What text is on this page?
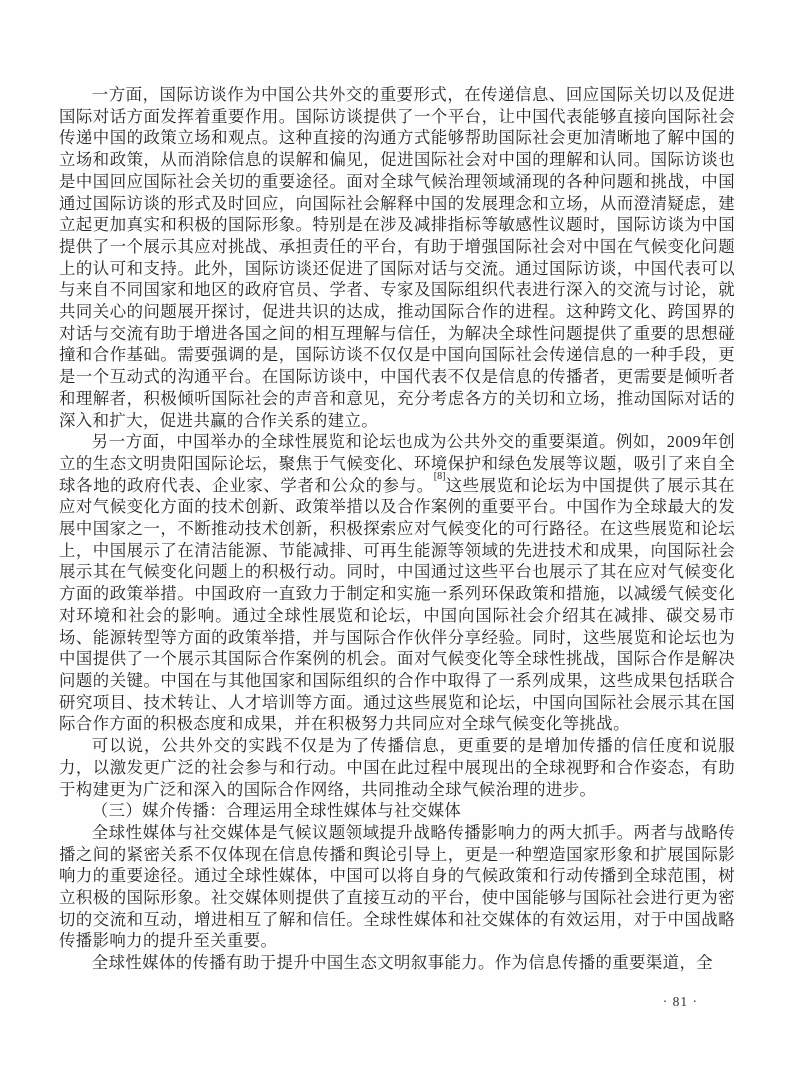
一方面，国际访谈作为中国公共外交的重要形式，在传递信息、回应国际关切以及促进国际对话方面发挥着重要作用。国际访谈提供了一个平台，让中国代表能够直接向国际社会传递中国的政策立场和观点。这种直接的沟通方式能够帮助国际社会更加清晰地了解中国的立场和政策，从而消除信息的误解和偏见，促进国际社会对中国的理解和认同。国际访谈也是中国回应国际社会关切的重要途径。面对全球气候治理领域涌现的各种问题和挑战，中国通过国际访谈的形式及时回应，向国际社会解释中国的发展理念和立场，从而澄清疑虑，建立起更加真实和积极的国际形象。特别是在涉及减排指标等敏感性议题时，国际访谈为中国提供了一个展示其应对挑战、承担责任的平台，有助于增强国际社会对中国在气候变化问题上的认可和支持。此外，国际访谈还促进了国际对话与交流。通过国际访谈，中国代表可以与来自不同国家和地区的政府官员、学者、专家及国际组织代表进行深入的交流与讨论，就共同关心的问题展开探讨，促进共识的达成，推动国际合作的进程。这种跨文化、跨国界的对话与交流有助于增进各国之间的相互理解与信任，为解决全球性问题提供了重要的思想碰撞和合作基础。需要强调的是，国际访谈不仅仅是中国向国际社会传递信息的一种手段，更是一个互动式的沟通平台。在国际访谈中，中国代表不仅是信息的传播者，更需要是倾听者和理解者，积极倾听国际社会的声音和意见，充分考虑各方的关切和立场，推动国际对话的深入和扩大，促进共赢的合作关系的建立。

另一方面，中国举办的全球性展览和论坛也成为公共外交的重要渠道。例如，2009年创立的生态文明贵阳国际论坛，聚焦于气候变化、环境保护和绿色发展等议题，吸引了来自全球各地的政府代表、企业家、学者和公众的参与。[8]这些展览和论坛为中国提供了展示其在应对气候变化方面的技术创新、政策举措以及合作案例的重要平台。中国作为全球最大的发展中国家之一，不断推动技术创新，积极探索应对气候变化的可行路径。在这些展览和论坛上，中国展示了在清洁能源、节能减排、可再生能源等领域的先进技术和成果，向国际社会展示其在气候变化问题上的积极行动。同时，中国通过这些平台也展示了其在应对气候变化方面的政策举措。中国政府一直致力于制定和实施一系列环保政策和措施，以减缓气候变化对环境和社会的影响。通过全球性展览和论坛，中国向国际社会介绍其在减排、碳交易市场、能源转型等方面的政策举措，并与国际合作伙伴分享经验。同时，这些展览和论坛也为中国提供了一个展示其国际合作案例的机会。面对气候变化等全球性挑战，国际合作是解决问题的关键。中国在与其他国家和国际组织的合作中取得了一系列成果，这些成果包括联合研究项目、技术转让、人才培训等方面。通过这些展览和论坛，中国向国际社会展示其在国际合作方面的积极态度和成果，并在积极努力共同应对全球气候变化等挑战。

可以说，公共外交的实践不仅是为了传播信息，更重要的是增加传播的信任度和说服力，以激发更广泛的社会参与和行动。中国在此过程中展现出的全球视野和合作姿态，有助于构建更为广泛和深入的国际合作网络，共同推动全球气候治理的进步。

（三）媒介传播：合理运用全球性媒体与社交媒体

全球性媒体与社交媒体是气候议题领域提升战略传播影响力的两大抓手。两者与战略传播之间的紧密关系不仅体现在信息传播和舆论引导上，更是一种塑造国家形象和扩展国际影响力的重要途径。通过全球性媒体，中国可以将自身的气候政策和行动传播到全球范围，树立积极的国际形象。社交媒体则提供了直接互动的平台，使中国能够与国际社会进行更为密切的交流和互动，增进相互了解和信任。全球性媒体和社交媒体的有效运用，对于中国战略传播影响力的提升至关重要。

全球性媒体的传播有助于提升中国生态文明叙事能力。作为信息传播的重要渠道，全

· 81 ·
